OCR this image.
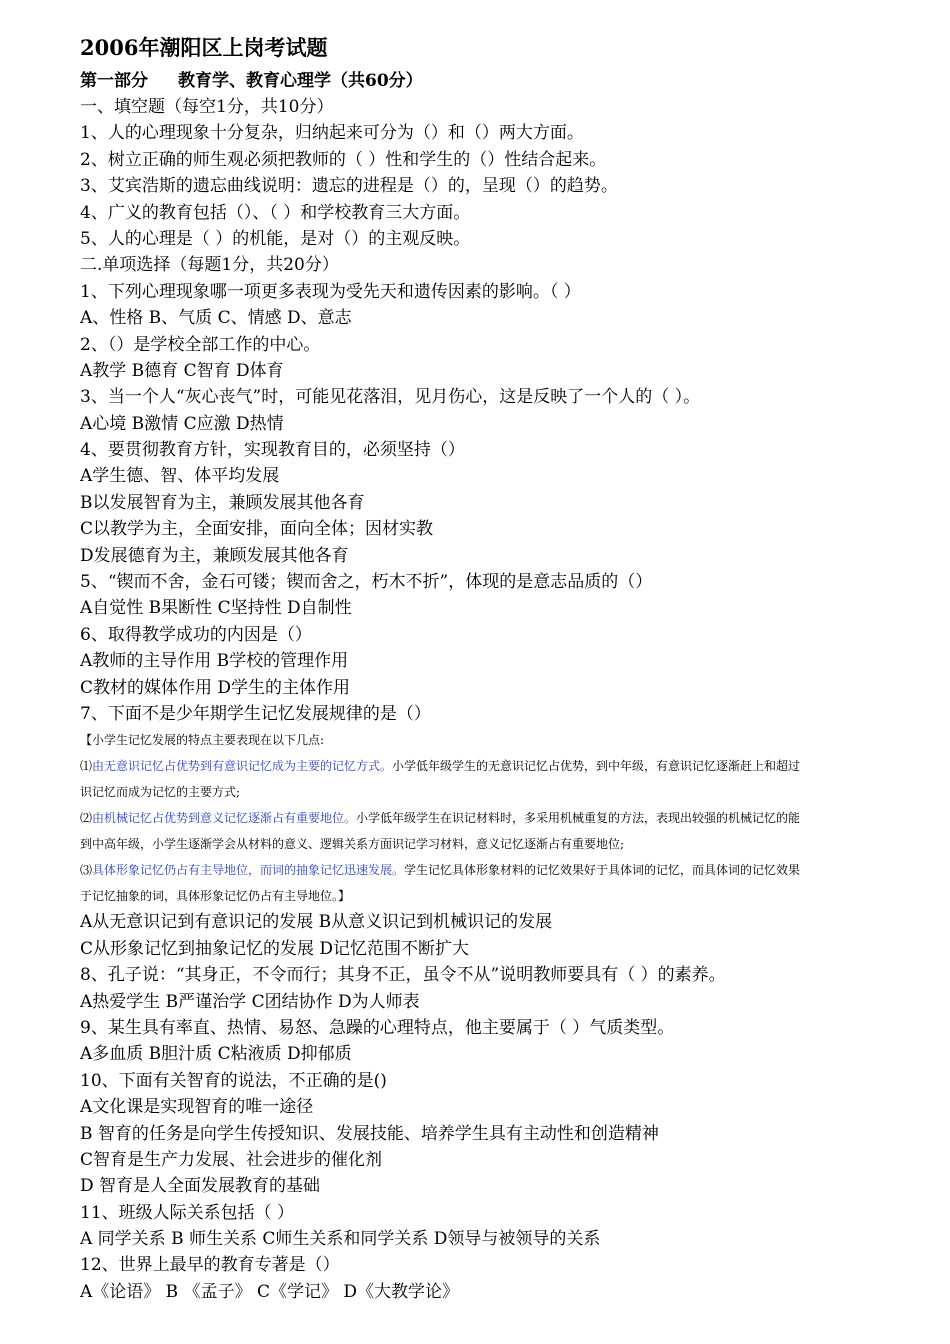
2006年潮阳区上岗考试题
第一部分 教育学、教育心理学（共60分）
一、填空题（每空1分，共10分）
1、人的心理现象十分复杂，归纳起来可分为（）和（）两大方面。
2、树立正确的师生观必须把教师的（ ）性和学生的（）性结合起来。
3、艾宾浩斯的遗忘曲线说明：遗忘的进程是（）的，呈现（）的趋势。
4、广义的教育包括（）、（ ）和学校教育三大方面。
5、人的心理是（ ）的机能，是对（）的主观反映。
二.单项选择（每题1分，共20分）
1、下列心理现象哪一项更多表现为受先天和遗传因素的影响。（ ）
A、性格 B、气质 C、情感 D、意志
2、（）是学校全部工作的中心。
A教学 B德育 C智育 D体育
3、当一个人“灰心丧气”时，可能见花落泪，见月伤心，这是反映了一个人的（ ）。
A心境 B激情 C应激 D热情
4、要贯彻教育方针，实现教育目的，必须坚持（）
A学生德、智、体平均发展
B以发展智育为主，兼顾发展其他各育
C以教学为主，全面安排，面向全体；因材实教
D发展德育为主，兼顾发展其他各育
5、“锲而不舍，金石可镂；锲而舍之，朽木不折”，体现的是意志品质的（）
A自觉性 B果断性 C坚持性 D自制性
6、取得教学成功的内因是（）
A教师的主导作用 B学校的管理作用
C教材的媒体作用 D学生的主体作用
7、下面不是少年期学生记忆发展规律的是（）
【小学生记忆发展的特点主要表现在以下几点:
⑴由无意识记忆占优势到有意识记忆成为主要的记忆方式。小学低年级学生的无意识记忆占优势，到中年级，有意识记忆逐渐赶上和超过
识记忆而成为记忆的主要方式;
⑵由机械记忆占优势到意义记忆逐渐占有重要地位。小学低年级学生在识记材料时，多采用机械重复的方法，表现出较强的机械记忆的能
到中高年级，小学生逐渐学会从材料的意义、逻辑关系方面识记学习材料，意义记忆逐渐占有重要地位;
⑶具体形象记忆仍占有主导地位，而词的抽象记忆迅速发展。学生记忆具体形象材料的记忆效果好于具体词的记忆，而具体词的记忆效果
于记忆抽象的词，具体形象记忆仍占有主导地位。】
A从无意识记到有意识记的发展 B从意义识记到机械识记的发展
C从形象记忆到抽象记忆的发展 D记忆范围不断扩大
8、孔子说：“其身正，不令而行；其身不正，虽令不从”说明教师要具有（ ）的素养。
A热爱学生 B严谨治学 C团结协作 D为人师表
9、某生具有率直、热情、易怒、急躁的心理特点，他主要属于（ ）气质类型。
A多血质 B胆汁质 C粘液质 D抑郁质
10、下面有关智育的说法，不正确的是()
A文化课是实现智育的唯一途径
B 智育的任务是向学生传授知识、发展技能、培养学生具有主动性和创造精神
C智育是生产力发展、社会进步的催化剂
D 智育是人全面发展教育的基础
11、班级人际关系包括（ ）
A 同学关系 B 师生关系 C师生关系和同学关系 D领导与被领导的关系
12、世界上最早的教育专著是（）
A《论语》 B 《孟子》 C《学记》 D《大教学论》
